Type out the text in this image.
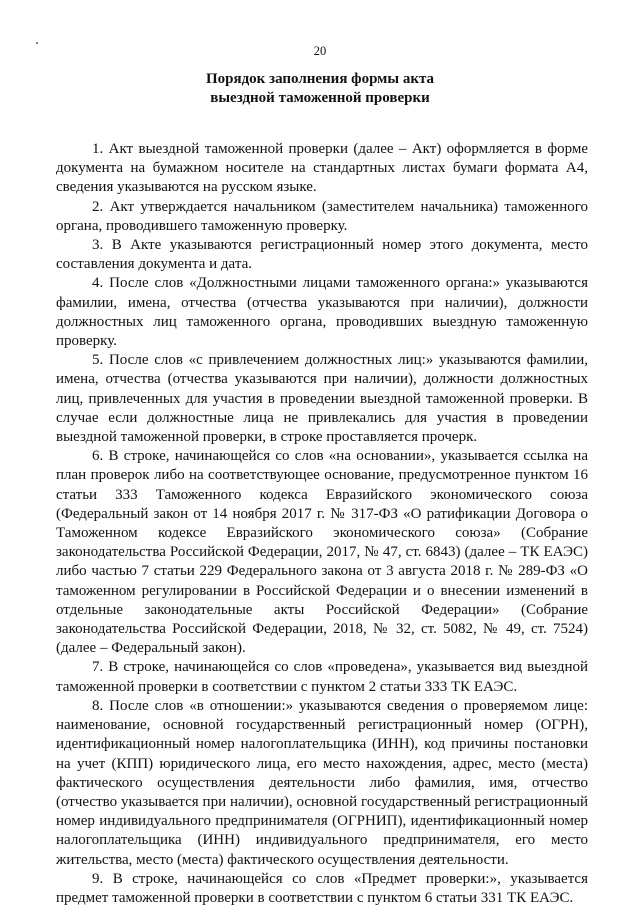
20
Порядок заполнения формы акта
выездной таможенной проверки

1. Акт выездной таможенной проверки (далее – Акт) оформляется в форме документа на бумажном носителе на стандартных листах бумаги формата А4, сведения указываются на русском языке.

2. Акт утверждается начальником (заместителем начальника) таможенного органа, проводившего таможенную проверку.

3. В Акте указываются регистрационный номер этого документа, место составления документа и дата.

4. После слов «Должностными лицами таможенного органа:» указываются фамилии, имена, отчества (отчества указываются при наличии), должности должностных лиц таможенного органа, проводивших выездную таможенную проверку.

5. После слов «с привлечением должностных лиц:» указываются фамилии, имена, отчества (отчества указываются при наличии), должности должностных лиц, привлеченных для участия в проведении выездной таможенной проверки. В случае если должностные лица не привлекались для участия в проведении выездной таможенной проверки, в строке проставляется прочерк.

6. В строке, начинающейся со слов «на основании», указывается ссылка на план проверок либо на соответствующее основание, предусмотренное пунктом 16 статьи 333 Таможенного кодекса Евразийского экономического союза (Федеральный закон от 14 ноября 2017 г. № 317-ФЗ «О ратификации Договора о Таможенном кодексе Евразийского экономического союза» (Собрание законодательства Российской Федерации, 2017, № 47, ст. 6843) (далее – ТК ЕАЭС) либо частью 7 статьи 229 Федерального закона от 3 августа 2018 г. № 289-ФЗ «О таможенном регулировании в Российской Федерации и о внесении изменений в отдельные законодательные акты Российской Федерации» (Собрание законодательства Российской Федерации, 2018, № 32, ст. 5082, № 49, ст. 7524) (далее – Федеральный закон).

7. В строке, начинающейся со слов «проведена», указывается вид выездной таможенной проверки в соответствии с пунктом 2 статьи 333 ТК ЕАЭС.

8. После слов «в отношении:» указываются сведения о проверяемом лице: наименование, основной государственный регистрационный номер (ОГРН), идентификационный номер налогоплательщика (ИНН), код причины постановки на учет (КПП) юридического лица, его место нахождения, адрес, место (места) фактического осуществления деятельности либо фамилия, имя, отчество (отчество указывается при наличии), основной государственный регистрационный номер индивидуального предпринимателя (ОГРНИП), идентификационный номер налогоплательщика (ИНН) индивидуального предпринимателя, его место жительства, место (места) фактического осуществления деятельности.

9. В строке, начинающейся со слов «Предмет проверки:», указывается предмет таможенной проверки в соответствии с пунктом 6 статьи 331 ТК ЕАЭС.
